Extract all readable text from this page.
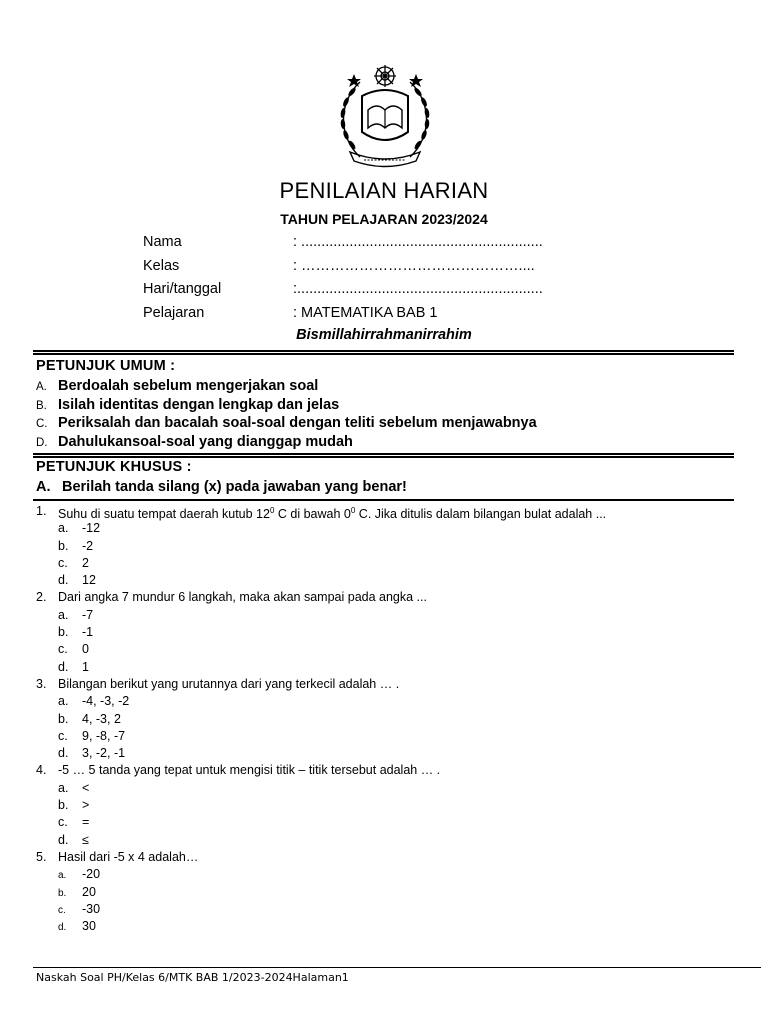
PENILAIAN HARIAN
TAHUN PELAJARAN 2023/2024
Nama	: ............................................................
Kelas	: ………………………………………....
Hari/tanggal	:.............................................................
Pelajaran	: MATEMATIKA BAB 1
Bismillahirrahmanirrahim
PETUNJUK UMUM :
A. Berdoalah sebelum mengerjakan soal
B. Isilah identitas dengan lengkap dan jelas
C. Periksalah dan bacalah soal-soal dengan teliti sebelum menjawabnya
D. Dahulukansoal-soal yang dianggap mudah
PETUNJUK KHUSUS :
A. Berilah tanda silang (x) pada jawaban yang benar!
1. Suhu di suatu tempat daerah kutub $12^0$ C di bawah $0^0$ C. Jika ditulis dalam bilangan bulat adalah ...
a. -12
b. -2
c. 2
d. 12
2. Dari angka 7 mundur 6 langkah, maka akan sampai pada angka ...
a. -7
b. -1
c. 0
d. 1
3. Bilangan berikut yang urutannya dari yang terkecil adalah … .
a. -4, -3, -2
b. 4, -3, 2
c. 9, -8, -7
d. 3, -2, -1
4. -5 … 5 tanda yang tepat untuk mengisi titik – titik tersebut adalah … .
a. <
b. >
c. =
d. ≤
5. Hasil dari -5 x 4 adalah…
a. -20
b. 20
c. -30
d. 30
Naskah Soal PH/Kelas 6/MTK BAB 1/2023-2024Halaman1
